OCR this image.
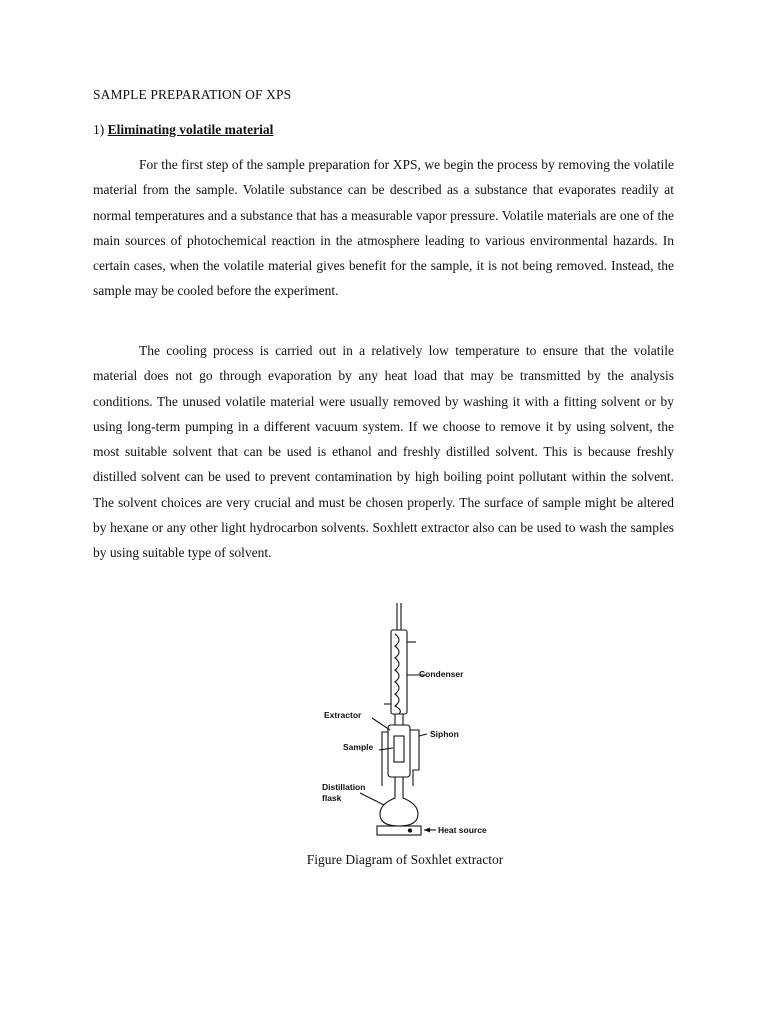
SAMPLE PREPARATION OF XPS
1) Eliminating volatile material

For the first step of the sample preparation for XPS, we begin the process by removing the volatile material from the sample. Volatile substance can be described as a substance that evaporates readily at normal temperatures and a substance that has a measurable vapor pressure. Volatile materials are one of the main sources of photochemical reaction in the atmosphere leading to various environmental hazards. In certain cases, when the volatile material gives benefit for the sample, it is not being removed. Instead, the sample may be cooled before the experiment.

The cooling process is carried out in a relatively low temperature to ensure that the volatile material does not go through evaporation by any heat load that may be transmitted by the analysis conditions. The unused volatile material were usually removed by washing it with a fitting solvent or by using long-term pumping in a different vacuum system. If we choose to remove it by using solvent, the most suitable solvent that can be used is ethanol and freshly distilled solvent. This is because freshly distilled solvent can be used to prevent contamination by high boiling point pollutant within the solvent. The solvent choices are very crucial and must be chosen properly. The surface of sample might be altered by hexane or any other light hydrocarbon solvents. Soxhlett extractor also can be used to wash the samples by using suitable type of solvent.

Condenser
Extractor
Siphon
Sample
Distillation
flask
Heat source
Figure Diagram of Soxhlet extractor
